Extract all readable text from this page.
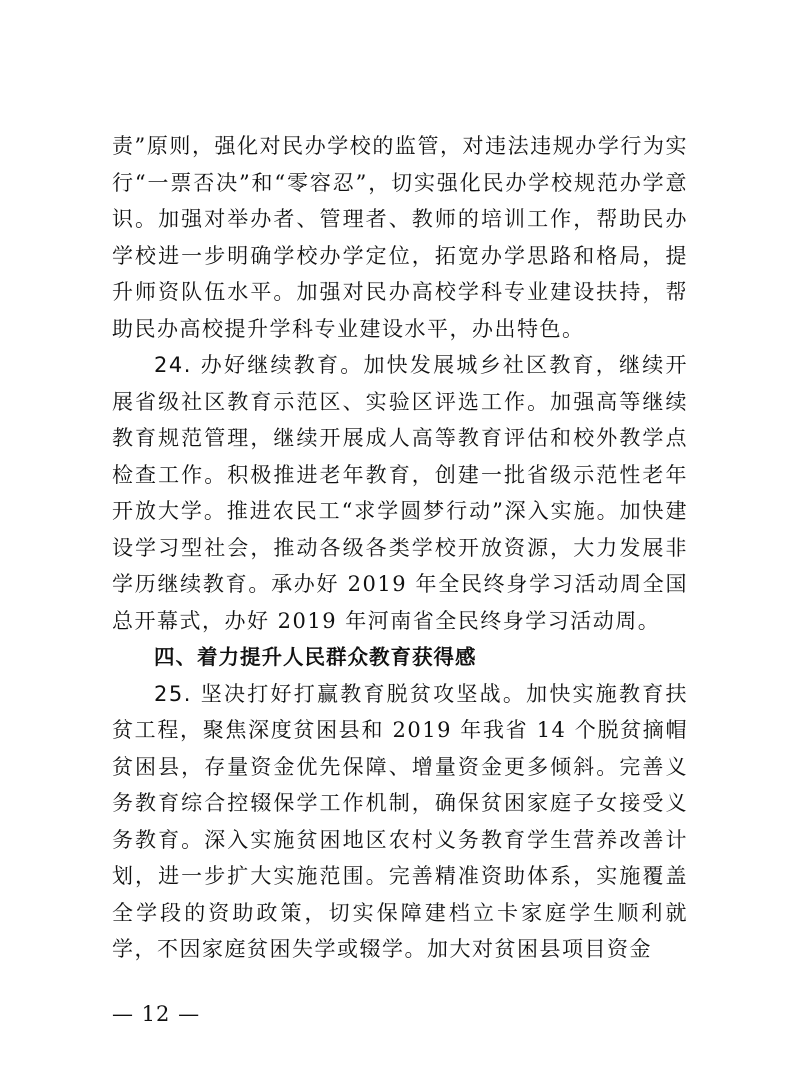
责”原则，强化对民办学校的监管，对违法违规办学行为实行“一票否决”和“零容忍”，切实强化民办学校规范办学意识。加强对举办者、管理者、教师的培训工作，帮助民办学校进一步明确学校办学定位，拓宽办学思路和格局，提升师资队伍水平。加强对民办高校学科专业建设扶持，帮助民办高校提升学科专业建设水平，办出特色。

24. 办好继续教育。加快发展城乡社区教育，继续开展省级社区教育示范区、实验区评选工作。加强高等继续教育规范管理，继续开展成人高等教育评估和校外教学点检查工作。积极推进老年教育，创建一批省级示范性老年开放大学。推进农民工“求学圆梦行动”深入实施。加快建设学习型社会，推动各级各类学校开放资源，大力发展非学历继续教育。承办好 2019 年全民终身学习活动周全国总开幕式，办好 2019 年河南省全民终身学习活动周。

四、着力提升人民群众教育获得感

25. 坚决打好打赢教育脱贫攻坚战。加快实施教育扶贫工程，聚焦深度贫困县和 2019 年我省 14 个脱贫摘帽贫困县，存量资金优先保障、增量资金更多倾斜。完善义务教育综合控辍保学工作机制，确保贫困家庭子女接受义务教育。深入实施贫困地区农村义务教育学生营养改善计划，进一步扩大实施范围。完善精准资助体系，实施覆盖全学段的资助政策，切实保障建档立卡家庭学生顺利就学，不因家庭贫困失学或辍学。加大对贫困县项目资金

— 12 —
